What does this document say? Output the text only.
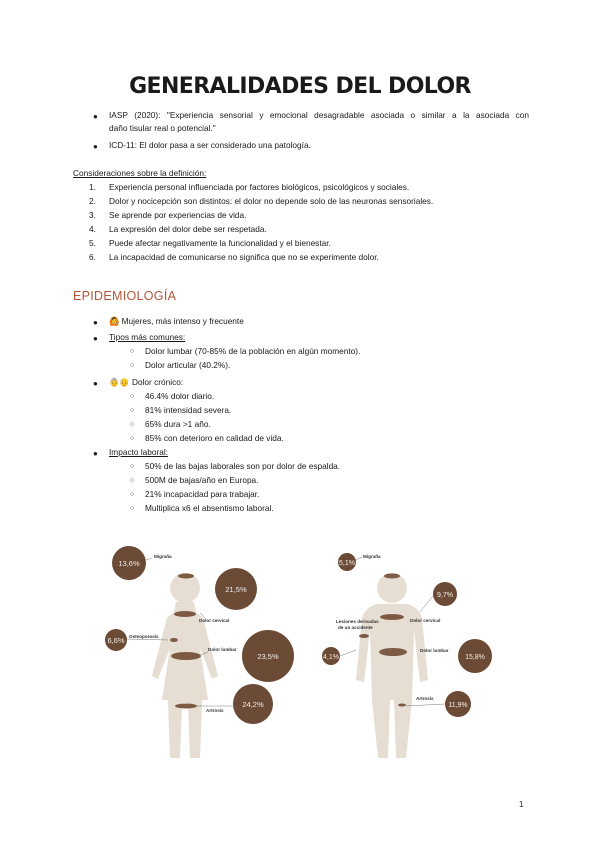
GENERALIDADES DEL DOLOR
● IASP (2020): "Experiencia sensorial y emocional desagradable asociada o similar a la asociada con
daño tisular real o potencial."
● ICD-11: El dolor pasa a ser considerado una patología.
Consideraciones sobre la definición:
1. Experiencia personal influenciada por factores biológicos, psicológicos y sociales.
2. Dolor y nocicepción son distintos: el dolor no depende solo de las neuronas sensoriales.
3. Se aprende por experiencias de vida.
4. La expresión del dolor debe ser respetada.
5. Puede afectar negativamente la funcionalidad y el bienestar.
6. La incapacidad de comunicarse no significa que no se experimente dolor.
EPIDEMIOLOGÍA
● 🙆 Mujeres, más intenso y frecuente
● Tipos más comunes:
○ Dolor lumbar (70-85% de la población en algún momento).
○ Dolor articular (40.2%).
● 👵👴 Dolor crónico:
○ 46.4% dolor diario.
○ 81% intensidad severa.
○ 65% dura >1 año.
○ 85% con deterioro en calidad de vida.
● Impacto laboral:
○ 50% de las bajas laborales son por dolor de espalda.
○ 500M de bajas/año en Europa.
○ 21% incapacidad para trabajar.
○ Multiplica x6 el absentismo laboral.
Migraña
Dolor cervical
Osteoporosis
Dolor lumbar
Artrosis
13,6%
21,5%
6,6%
23,5%
24,2%
Migraña
Lesiones derivadas
de un accidente
Dolor cervical
Dolor lumbar
Artrosis
5,1%
9,7%
4,1%	15,8%
11,9%
1
